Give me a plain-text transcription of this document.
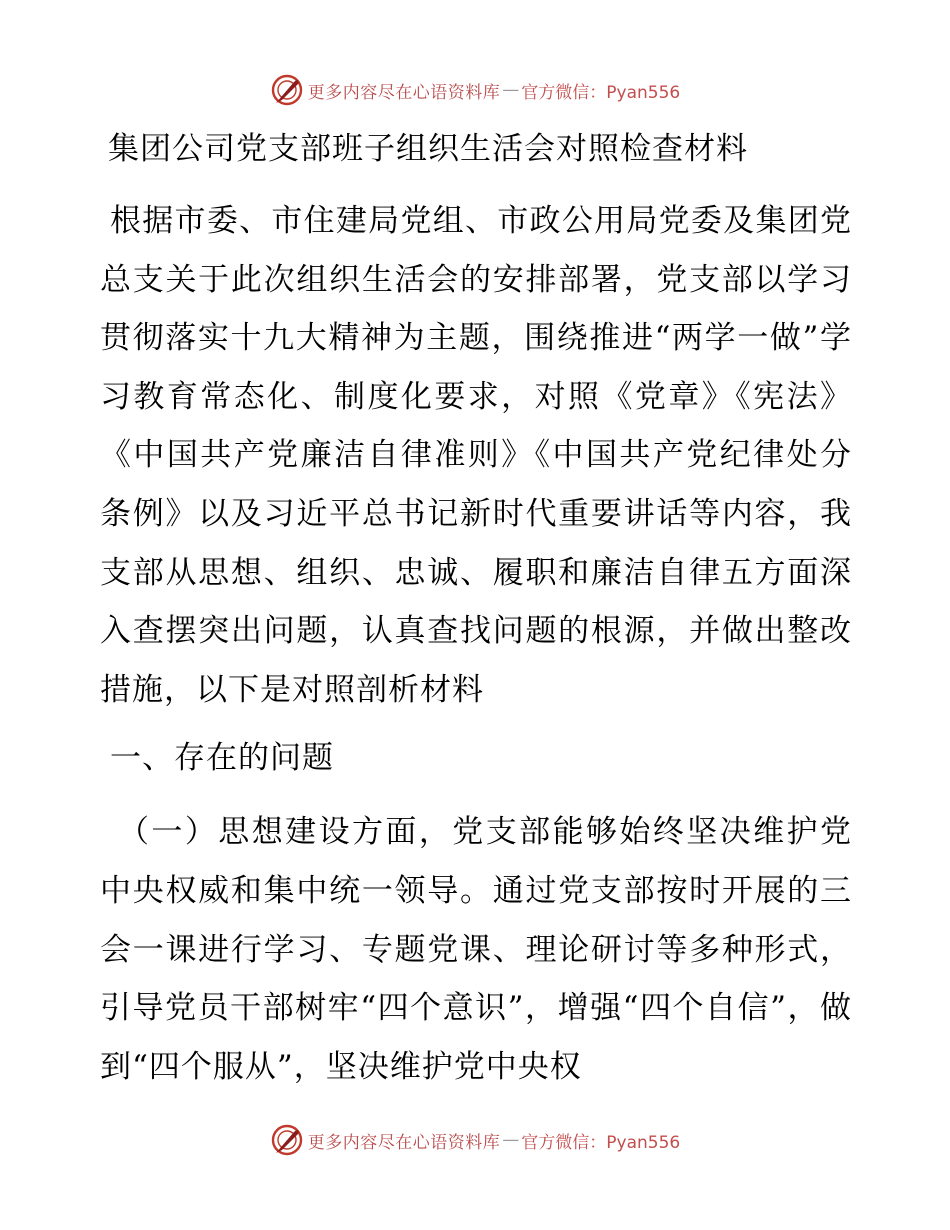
更多内容尽在心语资料库 — 官方微信：Pyan556
集团公司党支部班子组织生活会对照检查材料

根据市委、市住建局党组、市政公用局党委及集团党总支关于此次组织生活会的安排部署，党支部以学习贯彻落实十九大精神为主题，围绕推进“两学一做”学习教育常态化、制度化要求，对照《党章》《宪法》《中国共产党廉洁自律准则》《中国共产党纪律处分条例》以及习近平总书记新时代重要讲话等内容，我支部从思想、组织、忠诚、履职和廉洁自律五方面深入查摆突出问题，认真查找问题的根源，并做出整改措施，以下是对照剖析材料

一、存在的问题

（一）思想建设方面，党支部能够始终坚决维护党中央权威和集中统一领导。通过党支部按时开展的三会一课进行学习、专题党课、理论研讨等多种形式，引导党员干部树牢“四个意识”，增强“四个自信”，做到“四个服从”，坚决维护党中央权

更多内容尽在心语资料库 — 官方微信：Pyan556
